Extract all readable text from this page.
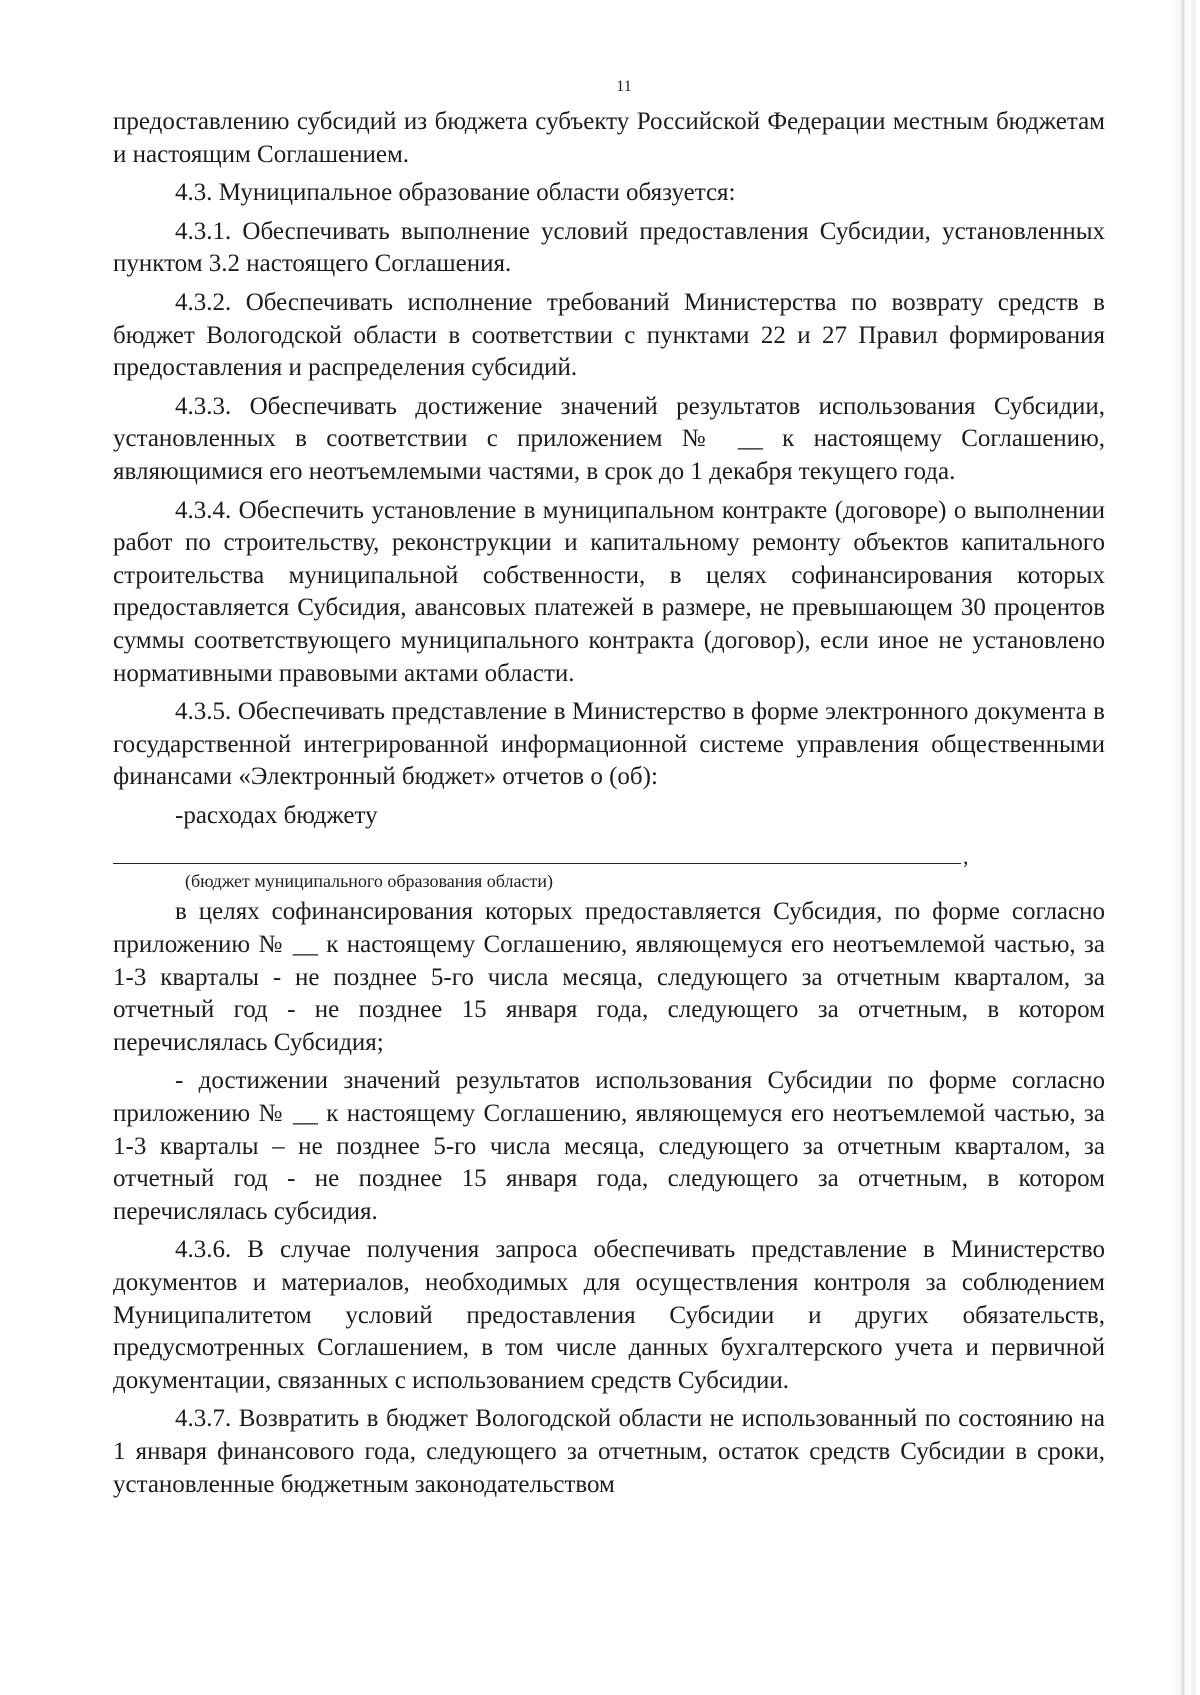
11

предоставлению субсидий из бюджета субъекту Российской Федерации местным бюджетам и настоящим Соглашением.

4.3. Муниципальное образование области обязуется:

4.3.1. Обеспечивать выполнение условий предоставления Субсидии, установленных пунктом 3.2 настоящего Соглашения.

4.3.2. Обеспечивать исполнение требований Министерства по возврату средств в бюджет Вологодской области в соответствии с пунктами 22 и 27 Правил формирования предоставления и распределения субсидий.

4.3.3. Обеспечивать достижение значений результатов использования Субсидии, установленных в соответствии с приложением № __ к настоящему Соглашению, являющимися его неотъемлемыми частями, в срок до 1 декабря текущего года.

4.3.4. Обеспечить установление в муниципальном контракте (договоре) о выполнении работ по строительству, реконструкции и капитальному ремонту объектов капитального строительства муниципальной собственности, в целях софинансирования которых предоставляется Субсидия, авансовых платежей в размере, не превышающем 30 процентов суммы соответствующего муниципального контракта (договор), если иное не установлено нормативными правовыми актами области.

4.3.5. Обеспечивать представление в Министерство в форме электронного документа в государственной интегрированной информационной системе управления общественными финансами «Электронный бюджет» отчетов о (об):

-расходах бюджету

,
(бюджет муниципального образования области)

в целях софинансирования которых предоставляется Субсидия, по форме согласно приложению № __ к настоящему Соглашению, являющемуся его неотъемлемой частью, за 1-3 кварталы - не позднее 5-го числа месяца, следующего за отчетным кварталом, за отчетный год - не позднее 15 января года, следующего за отчетным, в котором перечислялась Субсидия;

- достижении значений результатов использования Субсидии по форме согласно приложению № __ к настоящему Соглашению, являющемуся его неотъемлемой частью, за 1-3 кварталы – не позднее 5-го числа месяца, следующего за отчетным кварталом, за отчетный год - не позднее 15 января года, следующего за отчетным, в котором перечислялась субсидия.

4.3.6. В случае получения запроса обеспечивать представление в Министерство документов и материалов, необходимых для осуществления контроля за соблюдением Муниципалитетом условий предоставления Субсидии и других обязательств, предусмотренных Соглашением, в том числе данных бухгалтерского учета и первичной документации, связанных с использованием средств Субсидии.

4.3.7. Возвратить в бюджет Вологодской области не использованный по состоянию на 1 января финансового года, следующего за отчетным, остаток средств Субсидии в сроки, установленные бюджетным законодательством
